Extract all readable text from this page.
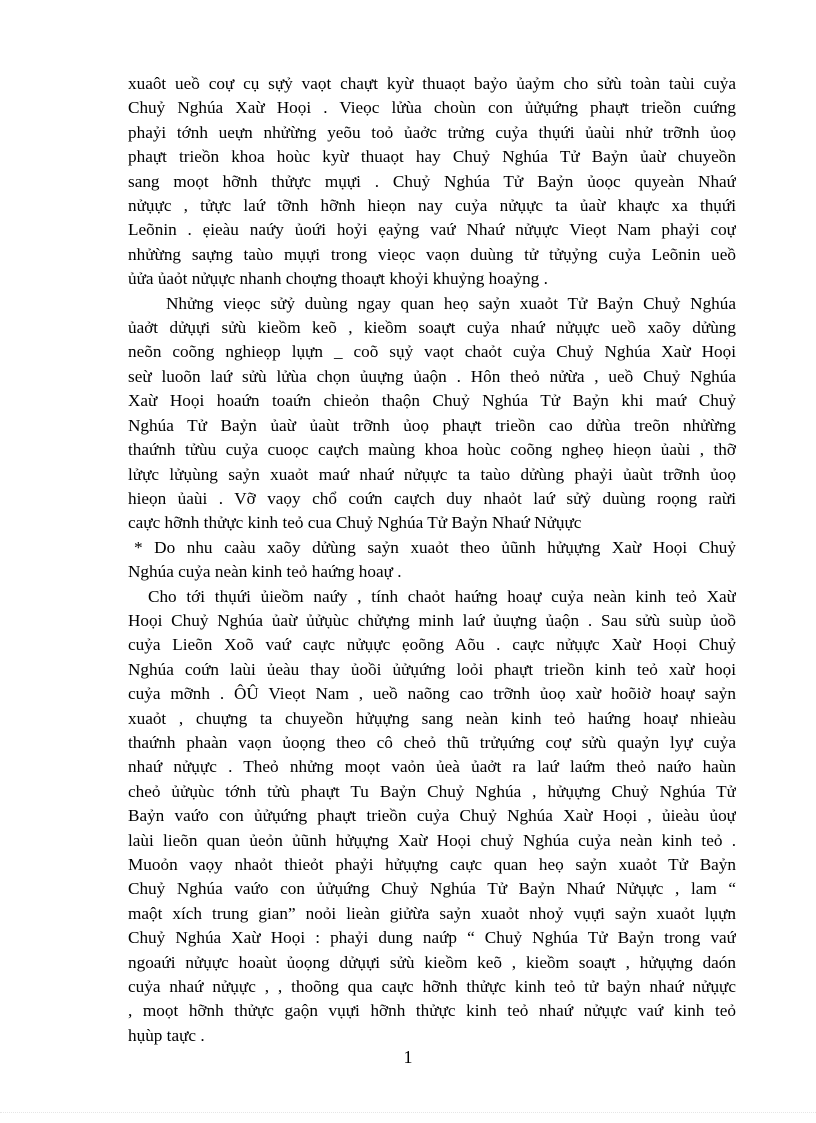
xuaôt ueồ coự cụ sựỷ vaọt chaựt kyừ thuaọt baỷo ủaỷm cho sửù toàn taùi cuỷa
Chuỷ Nghúa Xaừ Hoọi . Vieọc lửùa choùn con ủửụứng phaựt trieồn cuứng
phaỷi tớnh ueựn nhửừng yeõu toỏ ủaởc trửng cuỷa thụứi ủaùi nhử trỡnh ủoọ
phaựt trieồn khoa hoùc kyừ thuaọt hay Chuỷ Nghúa Tử Baỷn ủaừ chuyeồn
sang moọt hỡnh thửực mụựi . Chuỷ Nghúa Tử Baỷn ủoọc quyeàn Nhaứ
nửụực , tửực laứ tỡnh hỡnh hieọn nay cuỷa nửụực ta ủaừ khaực xa thụứi
Leõnin . ẹieàu naứy ủoứi hoỷi ẹaỷng vaứ Nhaứ nửụực Vieọt Nam phaỷi coự
nhửừng saựng taùo mụựi trong vieọc vaọn duùng tử tửụỷng cuỷa Leõnin ueồ
ủửa ủaỏt nửụực nhanh choựng thoaựt khoỷi khuỷng hoaỷng .
Nhửng vieọc sửỷ duùng ngay quan heọ saỷn xuaỏt Tử Baỷn Chuỷ Nghúa
ủaởt dửụựi sửù kieồm keõ , kieồm soaựt cuỷa nhaứ nửụực ueồ xaõy dửùng
neõn coõng nghieọp lụựn _ coõ sụỷ vaọt chaỏt cuỷa Chuỷ Nghúa Xaừ Hoọi
seừ luoõn laứ sửù lửùa chọn ủuựng ủaộn . Hôn theỏ nửừa , ueồ Chuỷ Nghúa
Xaừ Hoọi hoaứn toaứn chieỏn thaộn Chuỷ Nghúa Tử Baỷn khi maứ Chuỷ
Nghúa Tử Baỷn ủaừ ủaùt trỡnh ủoọ phaựt trieồn cao dửùa treõn nhửừng
thaứnh tửùu cuỷa cuoọc caựch maùng khoa hoùc coõng ngheọ hieọn ủaùi , thỡ
lửực lửụùng saỷn xuaỏt maứ nhaứ nửụực ta taùo dửùng phaỷi ủaùt trỡnh ủoọ
hieọn ủaùi . Vỡ vaọy chổ coứn caựch duy nhaỏt laứ sửỷ duùng roọng raừi
caực hỡnh thửực kinh teỏ cua Chuỷ Nghúa Tử Baỷn Nhaứ Nửụực
* Do nhu caàu xaõy dửùng saỷn xuaỏt theo ủũnh hửụựng Xaừ Hoọi Chuỷ
Nghúa cuỷa neàn kinh teỏ haứng hoaự .
Cho tới thụứi ủieồm naứy , tính chaỏt haứng hoaự cuỷa neàn kinh teỏ Xaừ
Hoọi Chuỷ Nghúa ủaừ ủửụùc chửựng minh laứ ủuựng ủaộn . Sau sửù suùp ủoồ
cuỷa Lieõn Xoõ vaứ caực nửụực ẹoõng Aõu . caực nửụực Xaừ Hoọi Chuỷ
Nghúa coứn laùi ủeàu thay ủoồi ủửụứng loỏi phaựt trieồn kinh teỏ xaừ hoọi
cuỷa mỡnh . ÔÛ Vieọt Nam , ueồ naõng cao trỡnh ủoọ xaừ hoõiờ hoaự saỷn
xuaỏt , chuựng ta chuyeồn hửụựng sang neàn kinh teỏ haứng hoaự nhieàu
thaứnh phaàn vaọn ủoọng theo cô cheỏ thũ trửụứng coự sửù quaỷn lyự cuỷa
nhaứ nửụực . Theỏ nhửng moọt vaỏn ủeà ủaởt ra laứ laứm theỏ naứo haùn
cheỏ ủửụùc tớnh tửù phaựt Tu Baỷn Chuỷ Nghúa , hửụựng Chuỷ Nghúa Tử
Baỷn vaứo con ủửụứng phaựt trieồn cuỷa Chuỷ Nghúa Xaừ Hoọi , ủieàu ủoự
laùi lieõn quan ủeỏn ủũnh hửụựng Xaừ Hoọi chuỷ Nghúa cuỷa neàn kinh teỏ .
Muoỏn vaọy nhaỏt thieỏt phaỷi hửụựng caực quan heọ saỷn xuaỏt Tử Baỷn
Chuỷ Nghúa vaứo con ủửụứng Chuỷ Nghúa Tử Baỷn Nhaứ Nửụực , lam “
maột xích trung gian” noỏi lieàn giửừa saỷn xuaỏt nhoỷ vụựi saỷn xuaỏt lụựn
Chuỷ Nghúa Xaừ Hoọi : phaỷi dung naứp “ Chuỷ Nghúa Tử Baỷn trong vaứ
ngoaứi nửụực hoaùt ủoọng dửụựi sửù kieồm keõ , kieồm soaựt , hửụựng daón
cuỷa nhaứ nửụực , , thoõng qua caực hỡnh thửực kinh teỏ tử baỷn nhaứ nửụực
, moọt hỡnh thửực gaộn vụựi hỡnh thửực kinh teỏ nhaứ nửụực vaứ kinh teỏ
hụùp taực .
1
